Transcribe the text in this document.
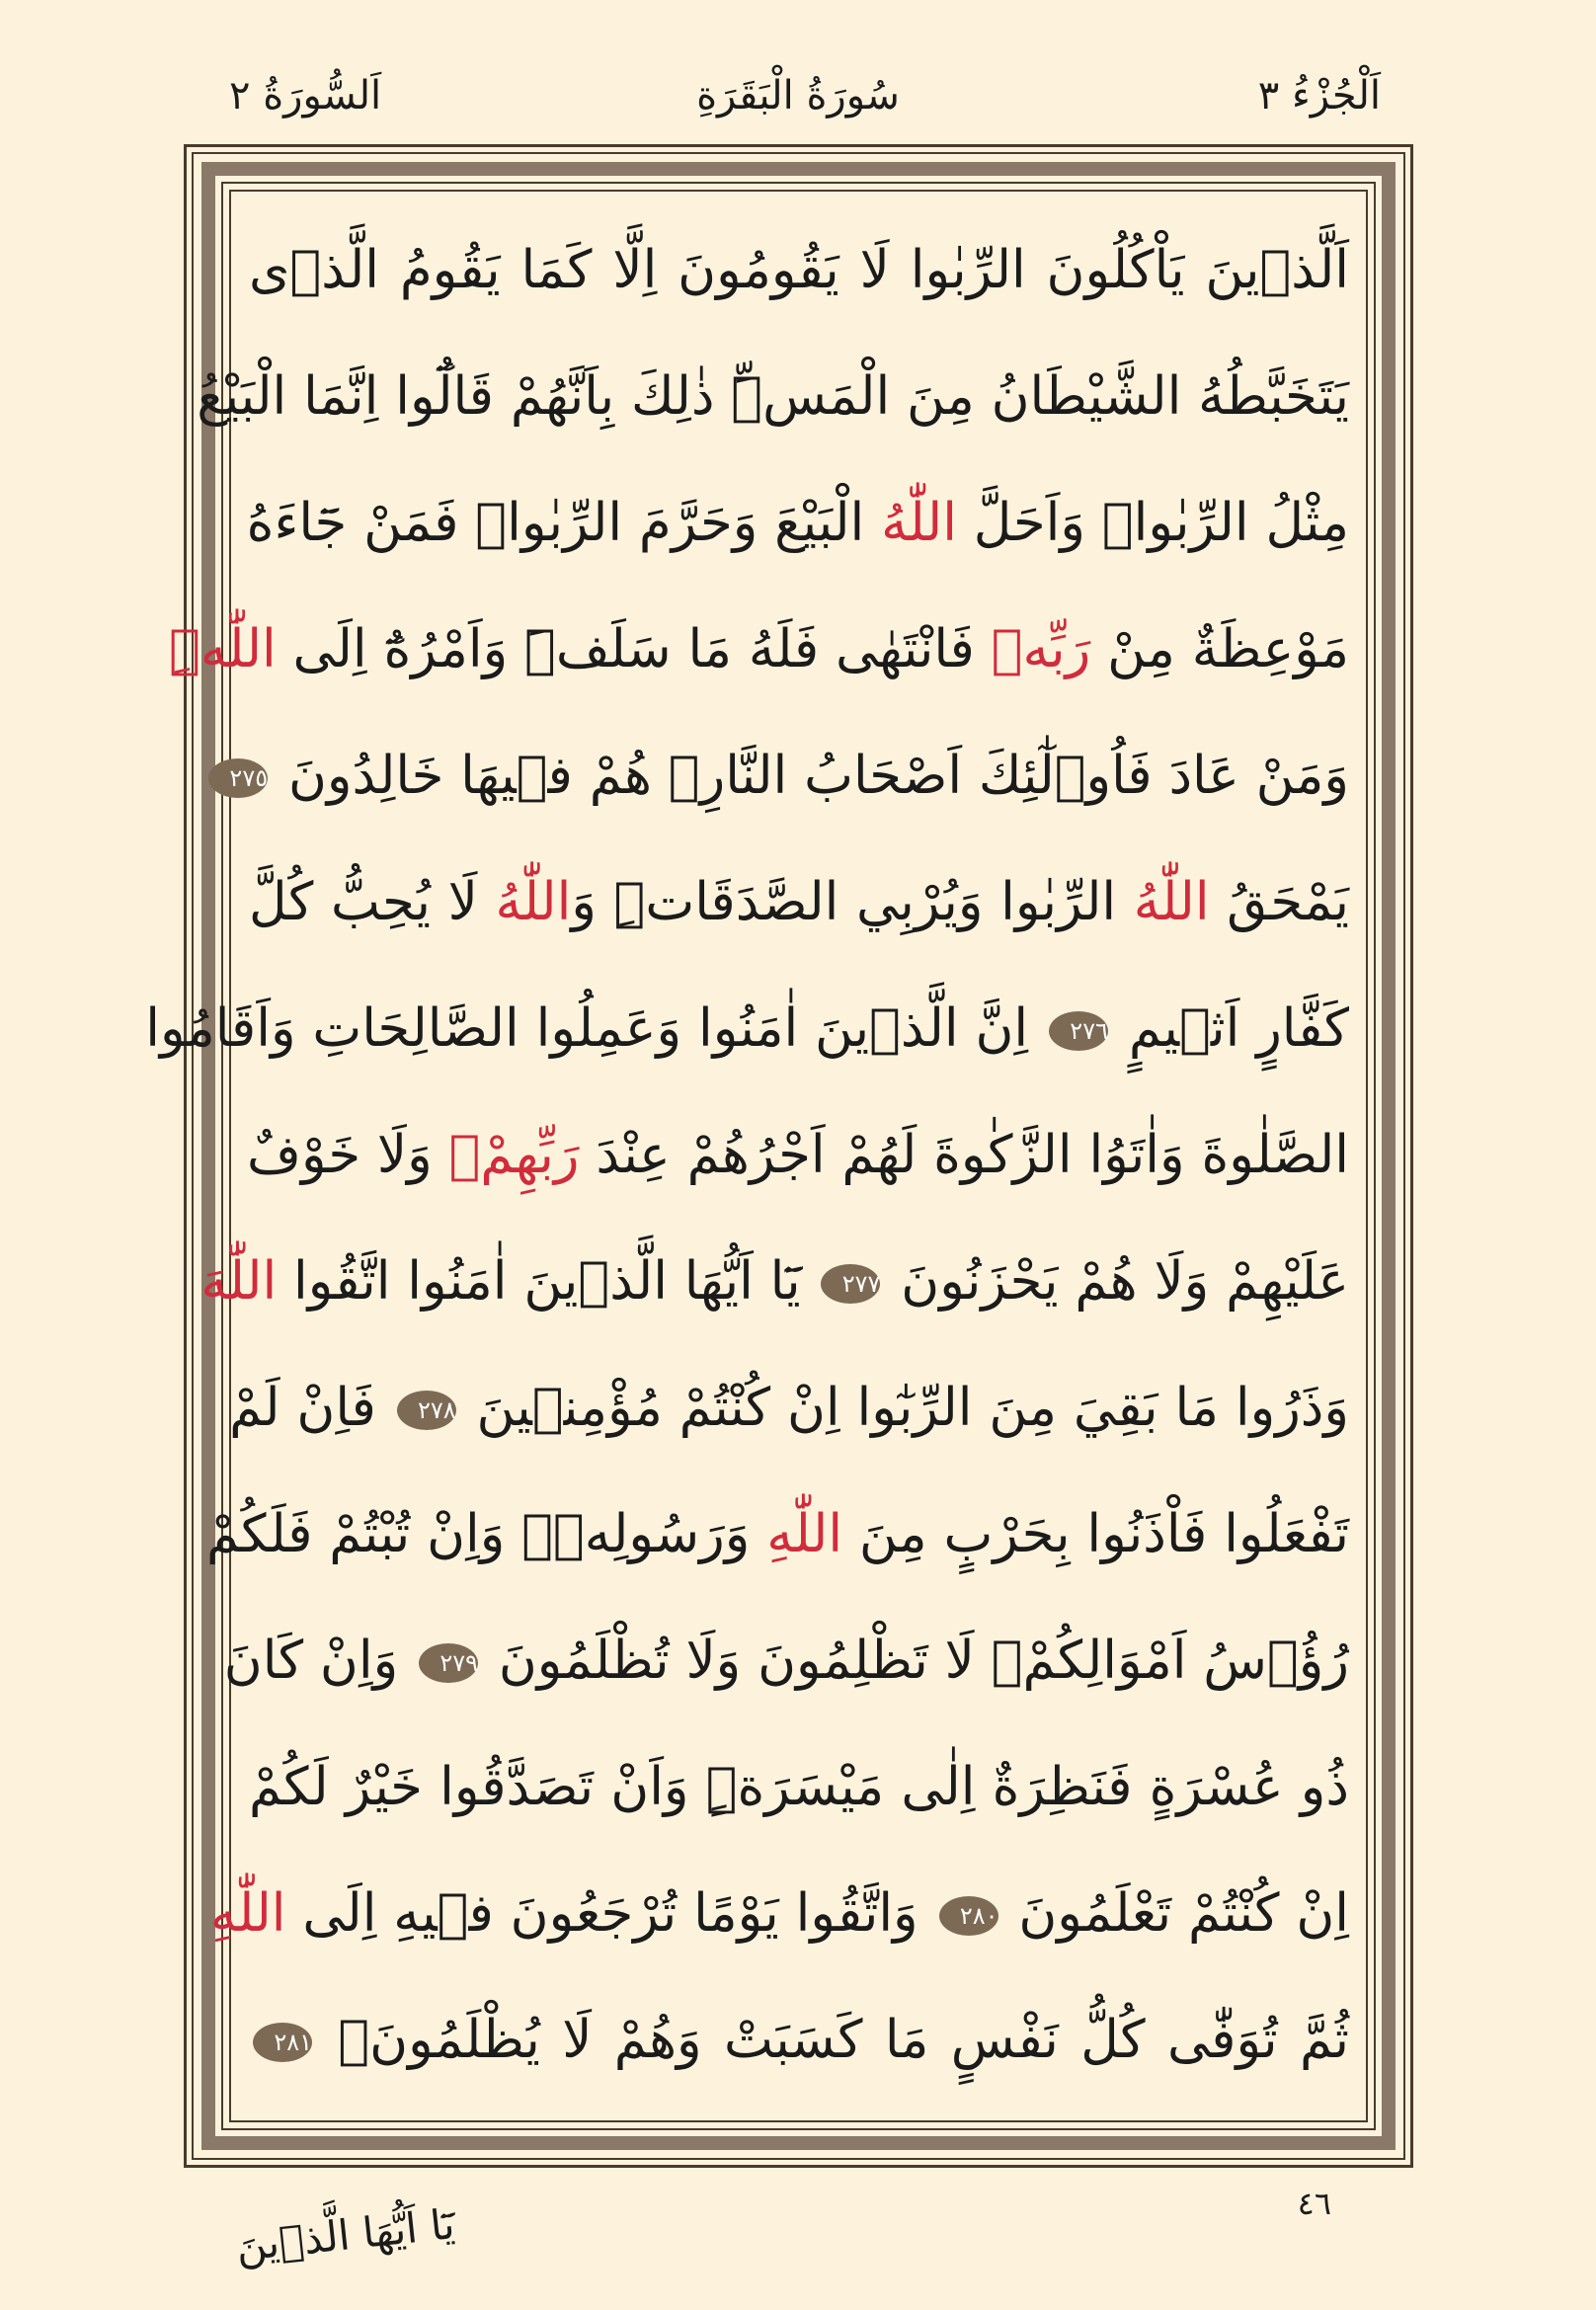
اَلْجُزْءُ ٣
سُورَةُ الْبَقَرَةِ
اَلسُّورَةُ ٢
اَلَّذ۪ينَ يَاْكُلُونَ الرِّبٰوا لَا يَقُومُونَ اِلَّا كَمَا يَقُومُ الَّذ۪ی
يَتَخَبَّطُهُ الشَّيْطَانُ مِنَ الْمَسِّۜ ذٰلِكَ بِاَنَّهُمْ قَالُٓوا اِنَّمَا الْبَيْعُ
مِثْلُ الرِّبٰواۢ وَاَحَلَّ اللّٰهُ الْبَيْعَ وَحَرَّمَ الرِّبٰواۜ فَمَنْ جَٓاءَهُ
مَوْعِظَةٌ مِنْ رَبِّه۪ فَانْتَهٰى فَلَهُ مَا سَلَفَۜ وَاَمْرُهُٓ اِلَى اللّٰهِۜ
وَمَنْ عَادَ فَاُو۬لٰٓئِكَ اَصْحَابُ النَّارِۚ هُمْ ف۪يهَا خَالِدُونَ ٢٧٥
يَمْحَقُ اللّٰهُ الرِّبٰوا وَيُرْبِي الصَّدَقَاتِۜ وَاللّٰهُ لَا يُحِبُّ كُلَّ
كَفَّارٍ اَث۪يمٍ ٢٧٦ اِنَّ الَّذ۪ينَ اٰمَنُوا وَعَمِلُوا الصَّالِحَاتِ وَاَقَامُوا
الصَّلٰوةَ وَاٰتَوُا الزَّكٰوةَ لَهُمْ اَجْرُهُمْ عِنْدَ رَبِّهِمْۚ وَلَا خَوْفٌ
عَلَيْهِمْ وَلَا هُمْ يَحْزَنُونَ ٢٧٧ يَٓا اَيُّهَا الَّذ۪ينَ اٰمَنُوا اتَّقُوا اللّٰهَ
وَذَرُوا مَا بَقِيَ مِنَ الرِّبٰٓوا اِنْ كُنْتُمْ مُؤْمِن۪ينَ ٢٧٨ فَاِنْ لَمْ
تَفْعَلُوا فَاْذَنُوا بِحَرْبٍ مِنَ اللّٰهِ وَرَسُولِه۪ۚ وَاِنْ تُبْتُمْ فَلَكُمْ
رُؤُ۫سُ اَمْوَالِكُمْۚ لَا تَظْلِمُونَ وَلَا تُظْلَمُونَ ٢٧٩ وَاِنْ كَانَ
ذُو عُسْرَةٍ فَنَظِرَةٌ اِلٰى مَيْسَرَةٍۜ وَاَنْ تَصَدَّقُوا خَيْرٌ لَكُمْ
اِنْ كُنْتُمْ تَعْلَمُونَ ٢٨٠ وَاتَّقُوا يَوْمًا تُرْجَعُونَ ف۪يهِ اِلَى اللّٰهِ
ثُمَّ تُوَفّٰى كُلُّ نَفْسٍ مَا كَسَبَتْ وَهُمْ لَا يُظْلَمُونَ۟ ٢٨١
يَٓا اَيُّهَا الَّذ۪ينَ	٤٦
